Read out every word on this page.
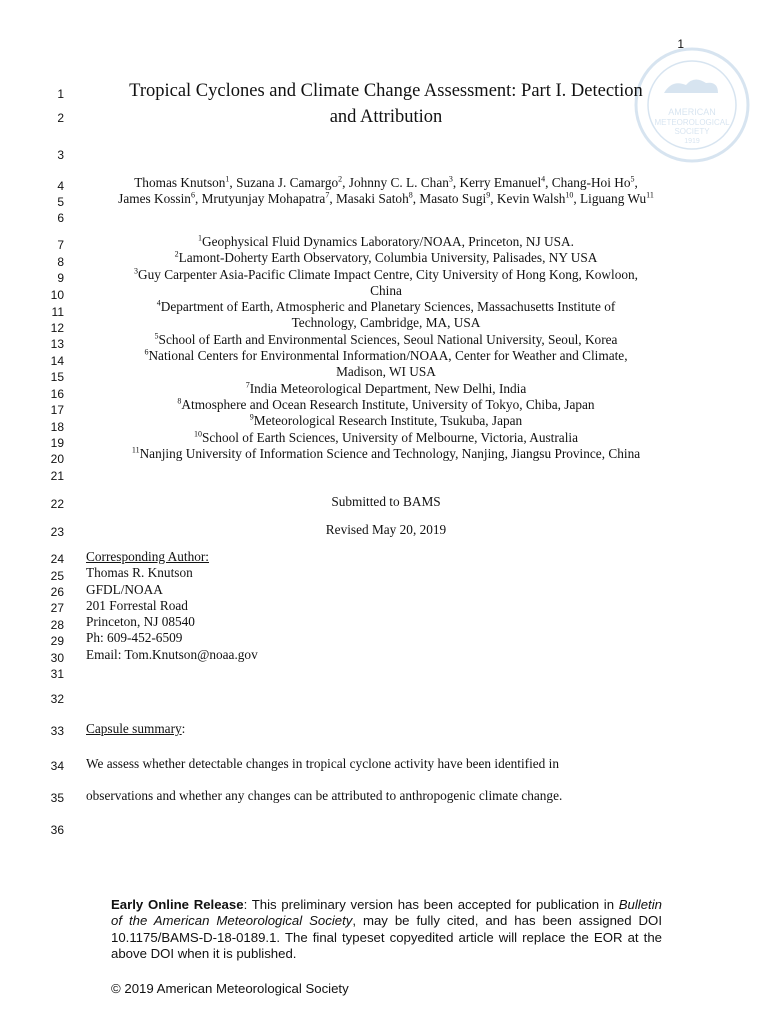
1
AMERICAN
METEOROLOGICAL
SOCIETY
1919
1
2
3
4
5
6
7
8
9
10
11
12
13
14
15
16
17
18
19
20
21
22
23
24
25
26
27
28
29
30
31
32
33
34
35
36
Tropical Cyclones and Climate Change Assessment: Part I. Detection
and Attribution
Thomas Knutson$^1$, Suzana J. Camargo$^2$, Johnny C. L. Chan$^3$, Kerry Emanuel$^4$, Chang-Hoi Ho$^5$,
James Kossin$^6$, Mrutyunjay Mohapatra$^7$, Masaki Satoh$^8$, Masato Sugi$^9$, Kevin Walsh$^{10}$, Liguang Wu$^{11}$
$^1$Geophysical Fluid Dynamics Laboratory/NOAA, Princeton, NJ USA.
$^2$Lamont-Doherty Earth Observatory, Columbia University, Palisades, NY USA
$^3$Guy Carpenter Asia-Pacific Climate Impact Centre, City University of Hong Kong, Kowloon,
China
$^4$Department of Earth, Atmospheric and Planetary Sciences, Massachusetts Institute of
Technology, Cambridge, MA, USA
$^5$School of Earth and Environmental Sciences, Seoul National University, Seoul, Korea
$^6$National Centers for Environmental Information/NOAA, Center for Weather and Climate,
Madison, WI USA
$^7$India Meteorological Department, New Delhi, India
$^8$Atmosphere and Ocean Research Institute, University of Tokyo, Chiba, Japan
$^9$Meteorological Research Institute, Tsukuba, Japan
$^{10}$School of Earth Sciences, University of Melbourne, Victoria, Australia
$^{11}$Nanjing University of Information Science and Technology, Nanjing, Jiangsu Province, China
Submitted to BAMS
Revised May 20, 2019
Corresponding Author:
Thomas R. Knutson
GFDL/NOAA
201 Forrestal Road
Princeton, NJ 08540
Ph: 609-452-6509
Email: Tom.Knutson@noaa.gov
Capsule summary:
We assess whether detectable changes in tropical cyclone activity have been identified in
observations and whether any changes can be attributed to anthropogenic climate change.
Early Online Release: This preliminary version has been accepted for publication in Bulletin of the American Meteorological Society, may be fully cited, and has been assigned DOI 10.1175/BAMS-D-18-0189.1. The final typeset copyedited article will replace the EOR at the above DOI when it is published.
© 2019 American Meteorological Society
